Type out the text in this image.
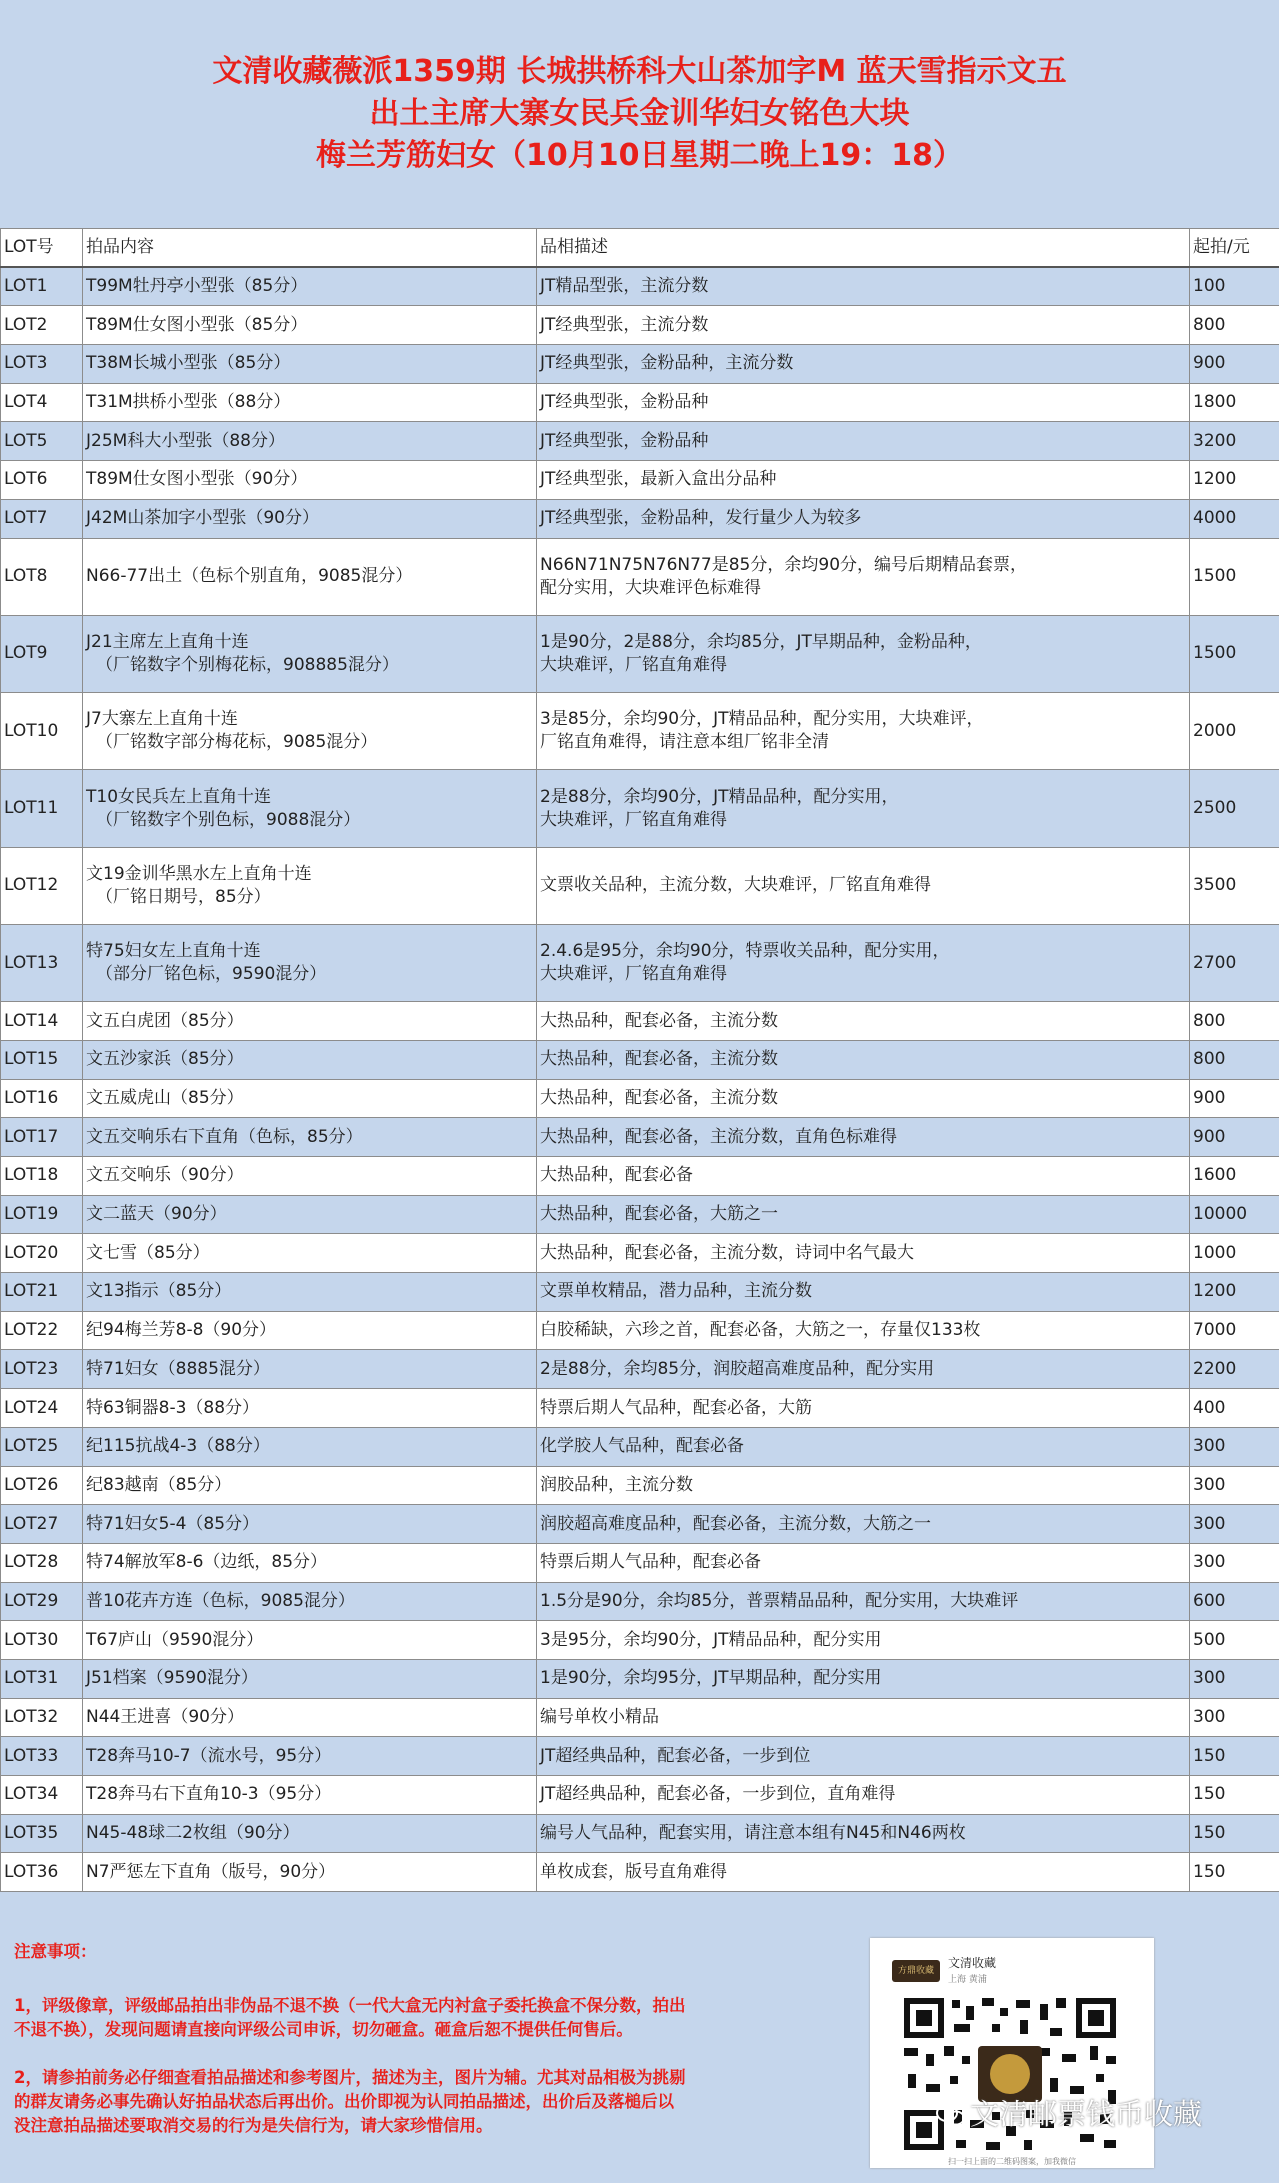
文清收藏薇派1359期 长城拱桥科大山茶加字M 蓝天雪指示文五
出土主席大寨女民兵金训华妇女铭色大块
梅兰芳筋妇女（10月10日星期二晚上19：18）
LOT号	拍品内容	品相描述	起拍/元

LOT1	T99M牡丹亭小型张（85分）	JT精品型张，主流分数	100

LOT2	T89M仕女图小型张（85分）	JT经典型张，主流分数	800

LOT3	T38M长城小型张（85分）	JT经典型张，金粉品种，主流分数	900

LOT4	T31M拱桥小型张（88分）	JT经典型张，金粉品种	1800

LOT5	J25M科大小型张（88分）	JT经典型张，金粉品种	3200

LOT6	T89M仕女图小型张（90分）	JT经典型张，最新入盒出分品种	1200

LOT7	J42M山茶加字小型张（90分）	JT经典型张，金粉品种，发行量少人为较多	4000

LOT8	N66-77出土（色标个别直角，9085混分）	N66N71N75N76N77是85分，余均90分，编号后期精品套票，
配分实用，大块难评色标难得	1500

LOT9	J21主席左上直角十连
（厂铭数字个别梅花标，908885混分）	1是90分，2是88分，余均85分，JT早期品种，金粉品种，
大块难评，厂铭直角难得	1500

LOT10	J7大寨左上直角十连
（厂铭数字部分梅花标，9085混分）	3是85分，余均90分，JT精品品种，配分实用，大块难评，
厂铭直角难得，请注意本组厂铭非全清	2000

LOT11	T10女民兵左上直角十连
（厂铭数字个别色标，9088混分）	2是88分，余均90分，JT精品品种，配分实用，
大块难评，厂铭直角难得	2500

LOT12	文19金训华黑水左上直角十连
（厂铭日期号，85分）	文票收关品种，主流分数，大块难评，厂铭直角难得	3500

LOT13	特75妇女左上直角十连
（部分厂铭色标，9590混分）	2.4.6是95分，余均90分，特票收关品种，配分实用，
大块难评，厂铭直角难得	2700

LOT14	文五白虎团（85分）	大热品种，配套必备，主流分数	800

LOT15	文五沙家浜（85分）	大热品种，配套必备，主流分数	800

LOT16	文五威虎山（85分）	大热品种，配套必备，主流分数	900

LOT17	文五交响乐右下直角（色标，85分）	大热品种，配套必备，主流分数，直角色标难得	900

LOT18	文五交响乐（90分）	大热品种，配套必备	1600

LOT19	文二蓝天（90分）	大热品种，配套必备，大筋之一	10000

LOT20	文七雪（85分）	大热品种，配套必备，主流分数，诗词中名气最大	1000

LOT21	文13指示（85分）	文票单枚精品，潜力品种，主流分数	1200

LOT22	纪94梅兰芳8-8（90分）	白胶稀缺，六珍之首，配套必备，大筋之一，存量仅133枚	7000

LOT23	特71妇女（8885混分）	2是88分，余均85分，润胶超高难度品种，配分实用	2200

LOT24	特63铜器8-3（88分）	特票后期人气品种，配套必备，大筋	400

LOT25	纪115抗战4-3（88分）	化学胶人气品种，配套必备	300

LOT26	纪83越南（85分）	润胶品种，主流分数	300

LOT27	特71妇女5-4（85分）	润胶超高难度品种，配套必备，主流分数，大筋之一	300

LOT28	特74解放军8-6（边纸，85分）	特票后期人气品种，配套必备	300

LOT29	普10花卉方连（色标，9085混分）	1.5分是90分，余均85分，普票精品品种，配分实用，大块难评	600

LOT30	T67庐山（9590混分）	3是95分，余均90分，JT精品品种，配分实用	500

LOT31	J51档案（9590混分）	1是90分，余均95分，JT早期品种，配分实用	300

LOT32	N44王进喜（90分）	编号单枚小精品	300

LOT33	T28奔马10-7（流水号，95分）	JT超经典品种，配套必备，一步到位	150

LOT34	T28奔马右下直角10-3（95分）	JT超经典品种，配套必备，一步到位，直角难得	150

LOT35	N45-48球二2枚组（90分）	编号人气品种，配套实用，请注意本组有N45和N46两枚	150

LOT36	N7严惩左下直角（版号，90分）	单枚成套，版号直角难得	150
注意事项：
1，评级像章，评级邮品拍出非伪品不退不换（一代大盒无内衬盒子委托换盒不保分数，拍出
不退不换），发现问题请直接向评级公司申诉，切勿砸盒。砸盒后恕不提供任何售后。
2，请参拍前务必仔细查看拍品描述和参考图片，描述为主，图片为辅。尤其对品相极为挑剔
的群友请务必事先确认好拍品状态后再出价。出价即视为认同拍品描述，出价后及落槌后以
没注意拍品描述要取消交易的行为是失信行为，请大家珍惜信用。
方鼎收藏
文清收藏
上海 黄浦
扫一扫上面的二维码图案，加我微信
文清邮票钱币收藏
